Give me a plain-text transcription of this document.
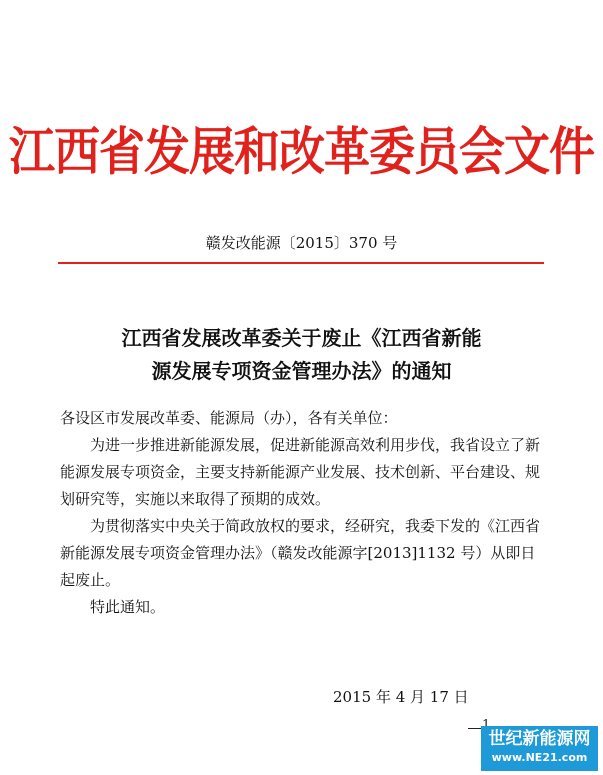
江西省发展和改革委员会文件
赣发改能源〔2015〕370 号
江西省发展改革委关于废止《江西省新能
源发展专项资金管理办法》的通知

各设区市发展改革委、能源局（办），各有关单位：

为进一步推进新能源发展，促进新能源高效利用步伐，我省设立了新能源发展专项资金，主要支持新能源产业发展、技术创新、平台建设、规划研究等，实施以来取得了预期的成效。

为贯彻落实中央关于简政放权的要求，经研究，我委下发的《江西省新能源发展专项资金管理办法》（赣发改能源字[2013]1132 号）从即日起废止。

特此通知。

2015 年 4 月 17 日
世纪新能源网
www.NE21.com
